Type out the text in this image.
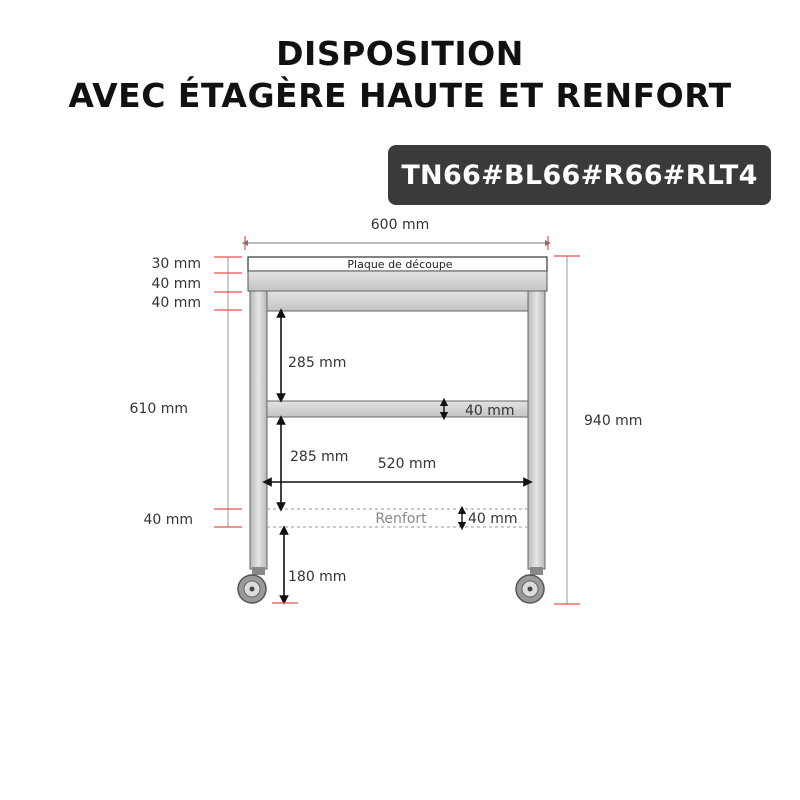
DISPOSITION
AVEC ÉTAGÈRE HAUTE ET RENFORT
TN66#BL66#R66#RLT4
600 mm
Plaque de découpe
Renfort
30 mm
40 mm
40 mm
610 mm
40 mm
940 mm
285 mm
40 mm
285 mm 520 mm
40 mm
180 mm
